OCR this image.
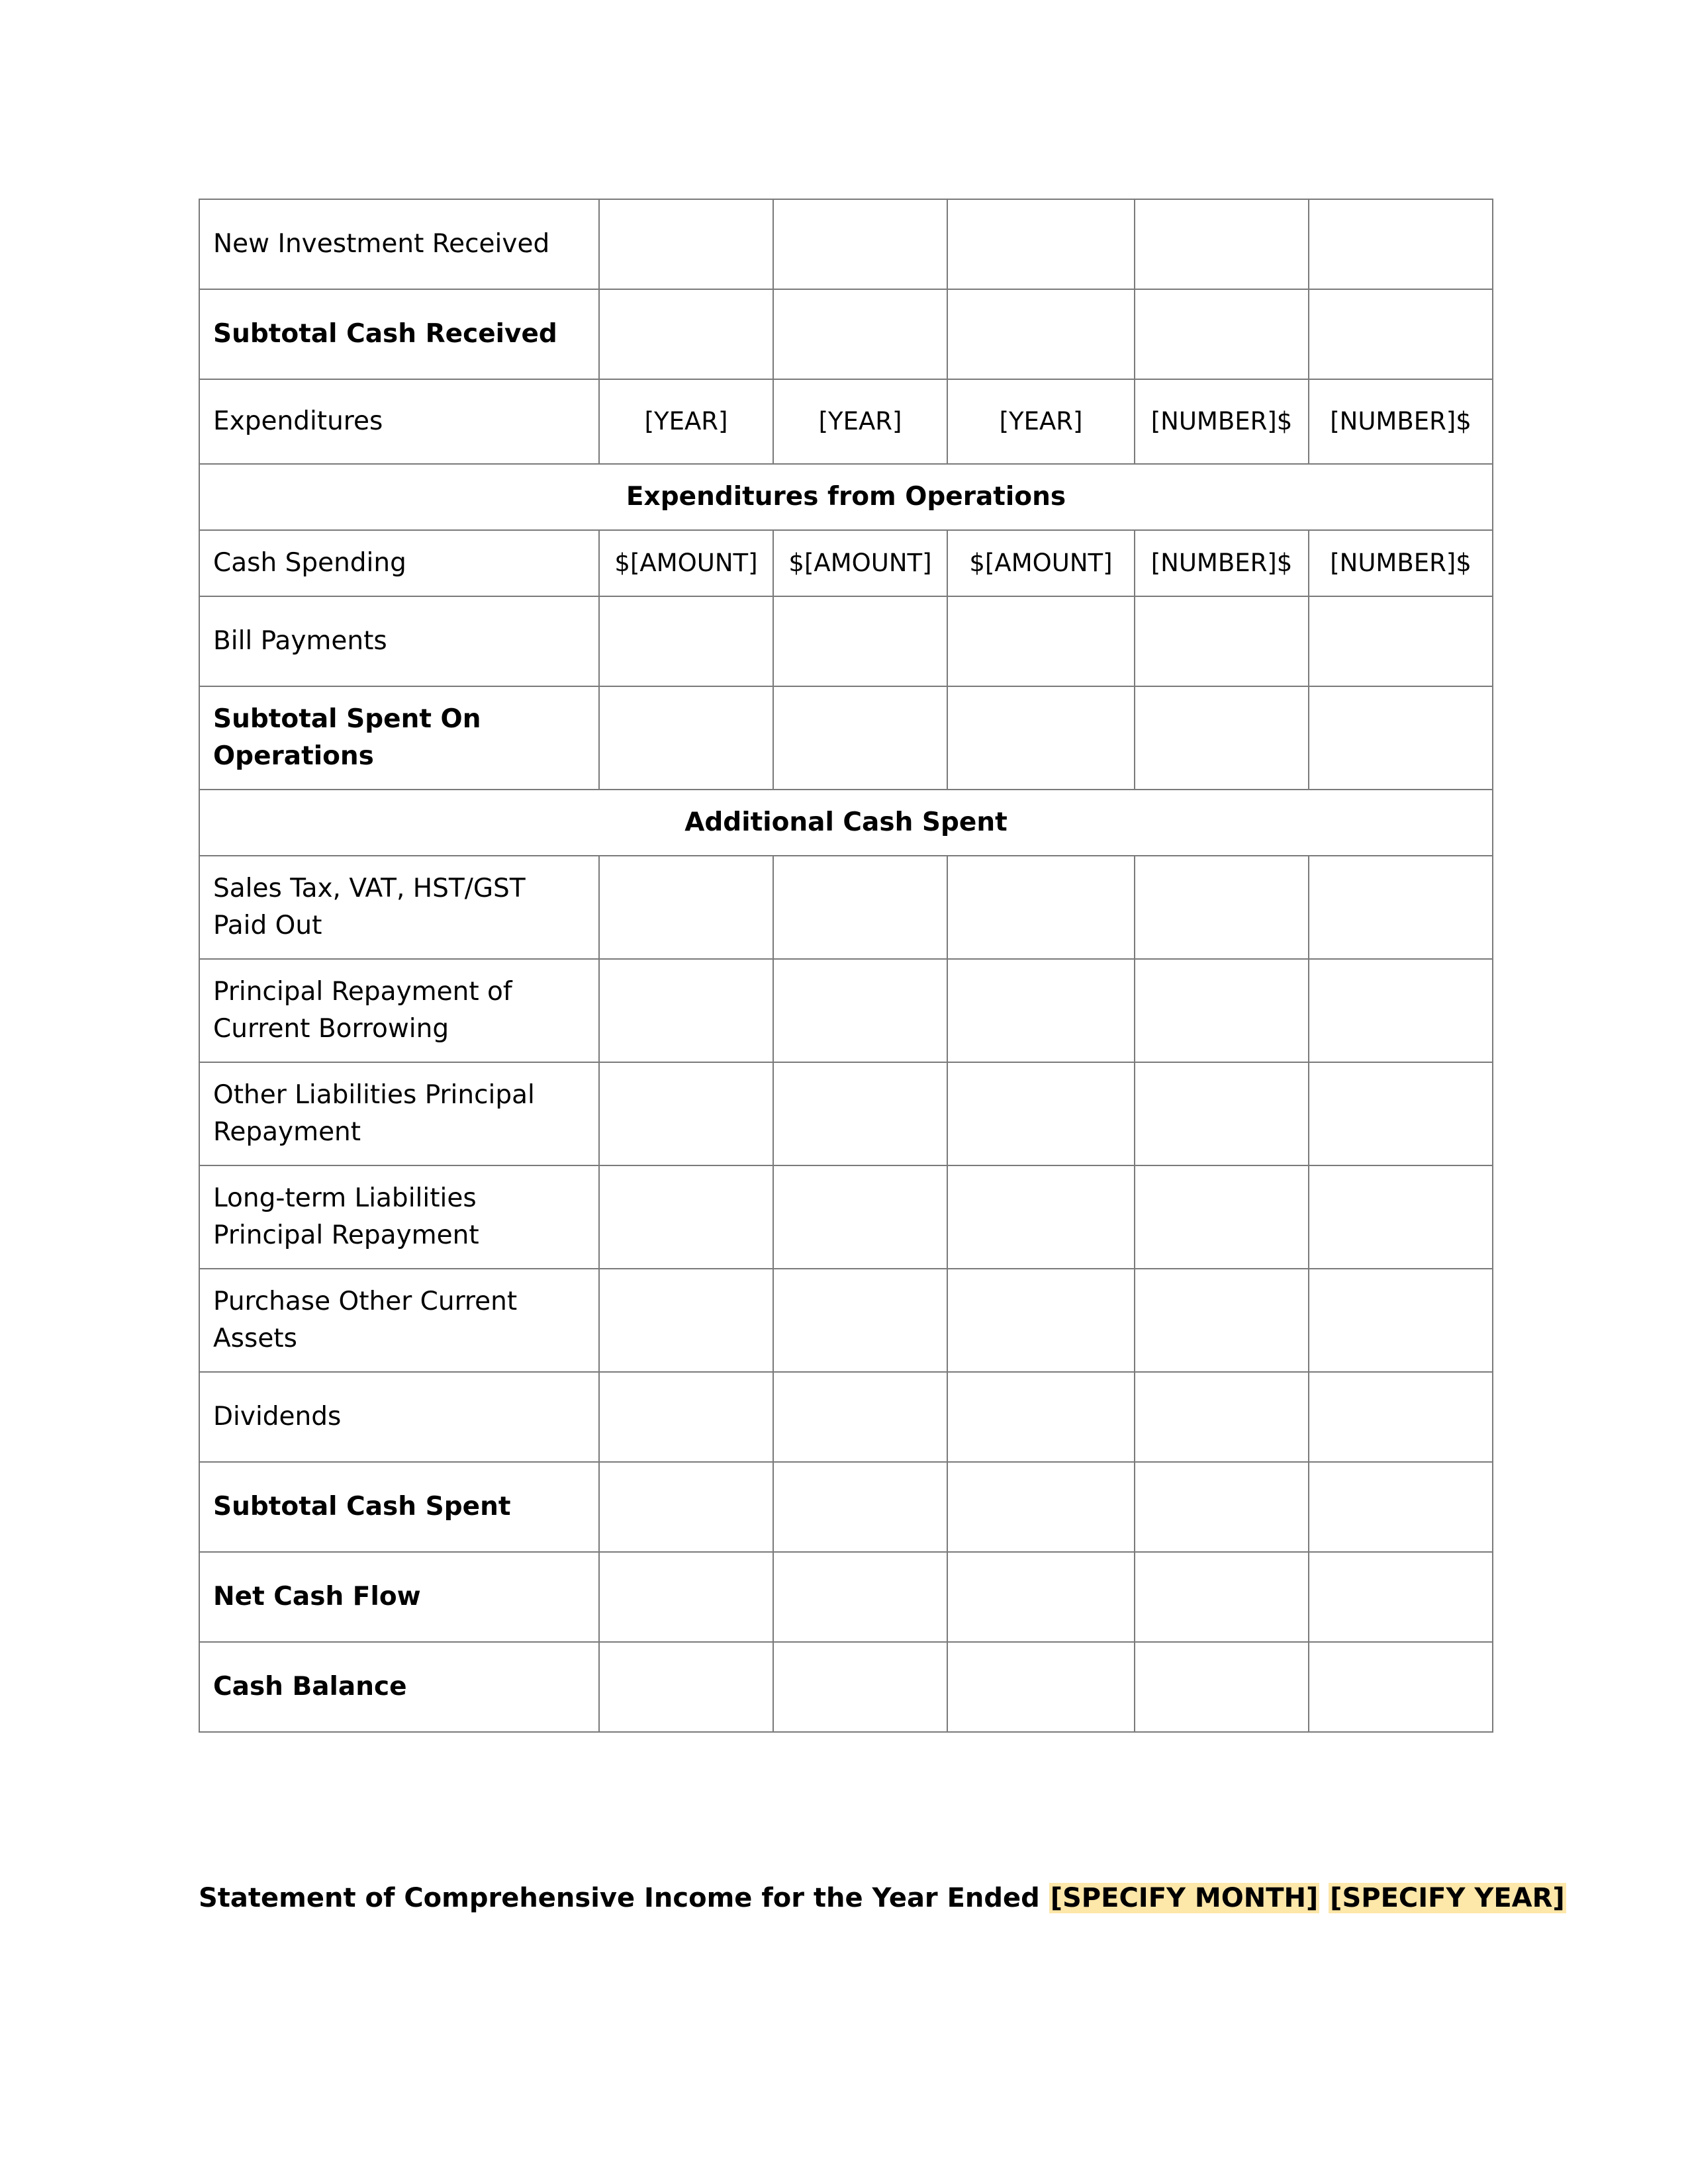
New Investment Received					
Subtotal Cash Received					
Expenditures	[YEAR]	[YEAR]	[YEAR]	[NUMBER]$	[NUMBER]$
Expenditures from Operations					
Cash Spending	$[AMOUNT]	$[AMOUNT]	$[AMOUNT]	[NUMBER]$	[NUMBER]$
Bill Payments					
Subtotal Spent On Operations					
Additional Cash Spent					
Sales Tax, VAT, HST/GST Paid Out					
Principal Repayment of Current Borrowing					
Other Liabilities Principal Repayment					
Long-term Liabilities Principal Repayment					
Purchase Other Current Assets					
Dividends					
Subtotal Cash Spent					
Net Cash Flow					
Cash Balance					
Statement of Comprehensive Income for the Year Ended [SPECIFY MONTH] [SPECIFY YEAR]
